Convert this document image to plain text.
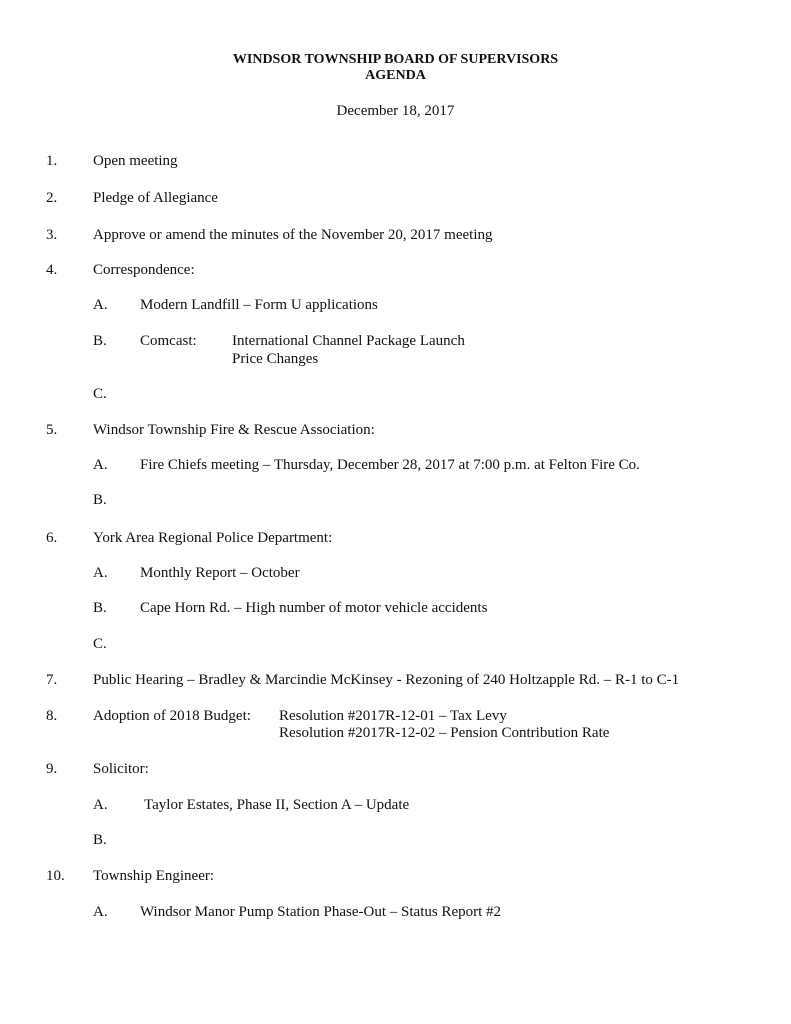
WINDSOR TOWNSHIP BOARD OF SUPERVISORS
AGENDA
December 18, 2017
1. Open meeting
2. Pledge of Allegiance
3. Approve or amend the minutes of the November 20, 2017 meeting
4. Correspondence:
A. Modern Landfill – Form U applications
B. Comcast: International Channel Package Launch
Price Changes
C.
5. Windsor Township Fire & Rescue Association:
A. Fire Chiefs meeting – Thursday, December 28, 2017 at 7:00 p.m. at Felton Fire Co.
B.
6. York Area Regional Police Department:
A. Monthly Report – October
B. Cape Horn Rd. – High number of motor vehicle accidents
C.
7. Public Hearing – Bradley & Marcindie McKinsey - Rezoning of 240 Holtzapple Rd. – R-1 to C-1
8. Adoption of 2018 Budget: Resolution #2017R-12-01 – Tax Levy
Resolution #2017R-12-02 – Pension Contribution Rate
9. Solicitor:
A. Taylor Estates, Phase II, Section A – Update
B.
10. Township Engineer:
A. Windsor Manor Pump Station Phase-Out – Status Report #2
